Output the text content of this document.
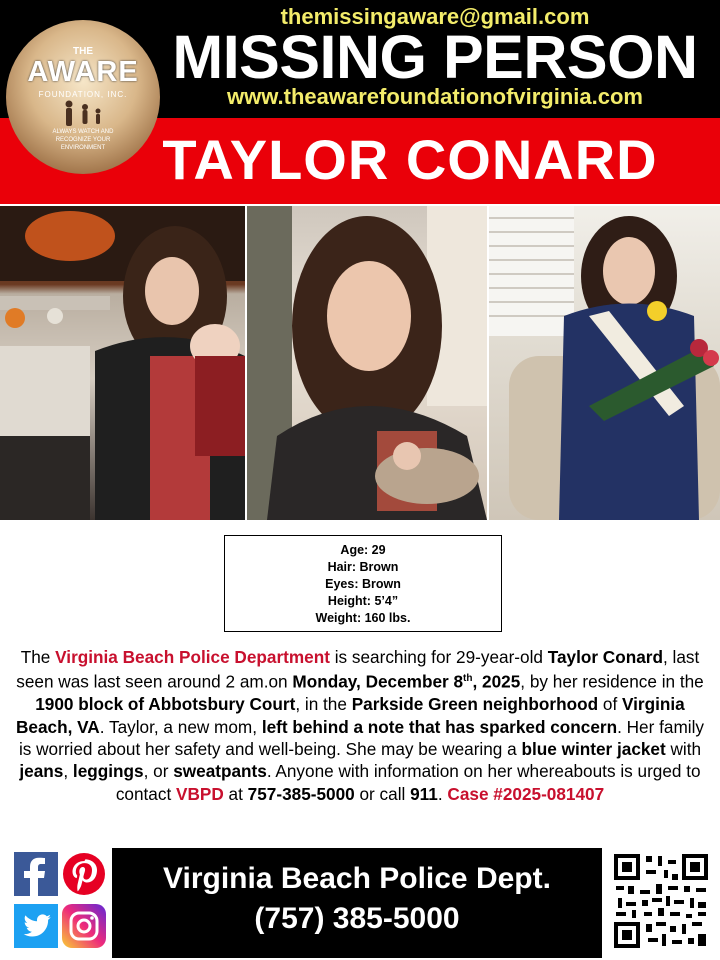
themissingaware@gmail.com
MISSING PERSON
www.theawarefoundationofvirginia.com
TAYLOR CONARD
THE
AWARE
FOUNDATION, INC.
ALWAYS WATCH AND RECOGNIZE YOUR ENVIRONMENT
Age: 29
Hair: Brown
Eyes: Brown
Height: 5’4”
Weight: 160 lbs.
The Virginia Beach Police Department is searching for 29-year-old Taylor Conard, last seen was last seen around 2 am.on Monday, December 8th, 2025, by her residence in the 1900 block of Abbotsbury Court, in the Parkside Green neighborhood of Virginia Beach, VA. Taylor, a new mom, left behind a note that has sparked concern. Her family is worried about her safety and well-being. She may be wearing a blue winter jacket with jeans, leggings, or sweatpants. Anyone with information on her whereabouts is urged to contact VBPD at 757-385-5000 or call 911. Case #2025-081407
Virginia Beach Police Dept.
(757) 385-5000
